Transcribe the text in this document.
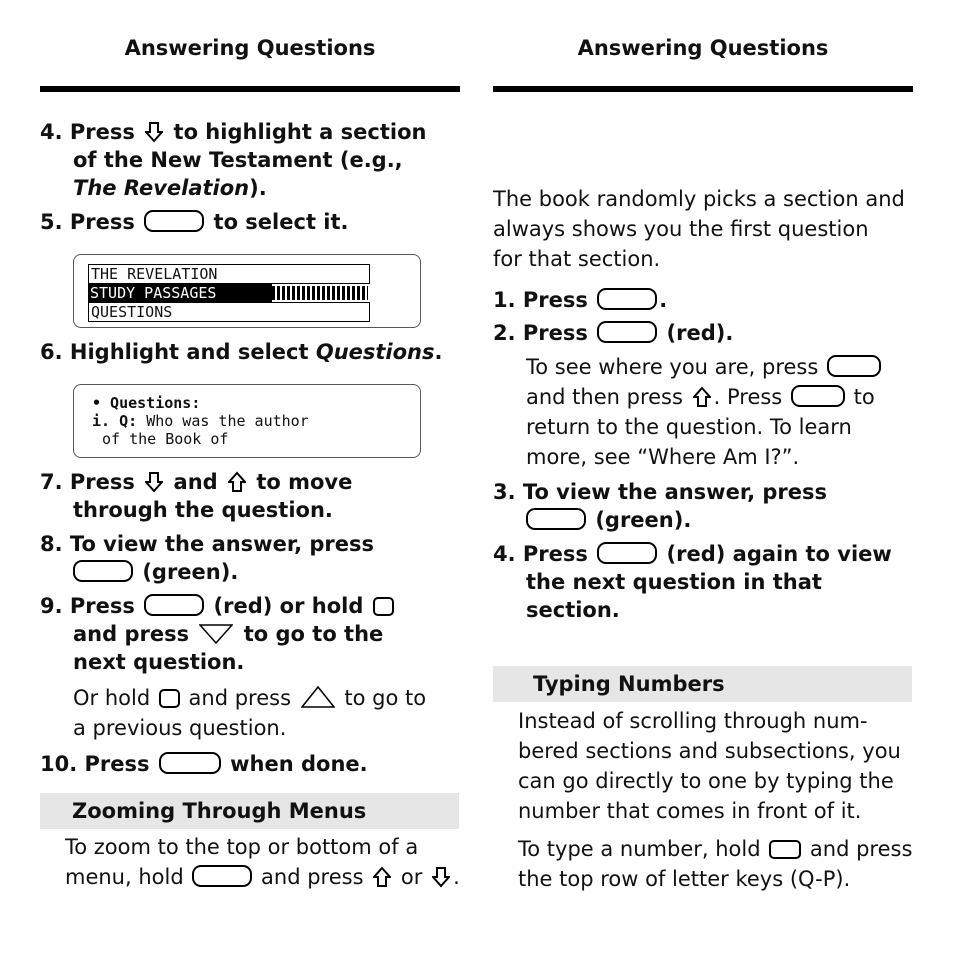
Answering Questions
4. Press to highlight a section
of the New Testament (e.g.,
The Revelation).
5. Press	to select it.
THE REVELATION
STUDY PASSAGES
QUESTIONS
6. Highlight and select Questions.
• Questions:
i. Q: Who was the author
of the Book of
7. Press and to move
through the question.
8. To view the answer, press
(green).
9. Press	(red) or hold
and press	to go to the
next question.
Or hold and press	to go to
a previous question.
10. Press	when done.
Zooming Through Menus
To zoom to the top or bottom of a
menu, hold	and press or .
Answering Questions
The book randomly picks a section and
always shows you the first question
for that section.
1. Press	.
2. Press	(red).
To see where you are, press
and then press . Press	to
return to the question. To learn
more, see “Where Am I?”.
3. To view the answer, press
(green).
4. Press	(red) again to view
the next question in that
section.
Typing Numbers
Instead of scrolling through num-
bered sections and subsections, you
can go directly to one by typing the
number that comes in front of it.
To type a number, hold and press
the top row of letter keys (Q-P).
